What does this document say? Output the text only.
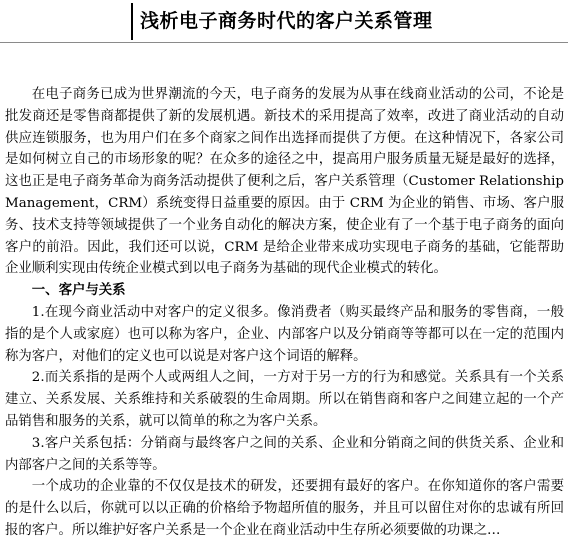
浅析电子商务时代的客户关系管理

在电子商务已成为世界潮流的今天，电子商务的发展为从事在线商业活动的公司，不论是批发商还是零售商都提供了新的发展机遇。新技术的采用提高了效率，改进了商业活动的自动供应连锁服务，也为用户们在多个商家之间作出选择而提供了方便。在这种情况下，各家公司是如何树立自己的市场形象的呢？在众多的途径之中，提高用户服务质量无疑是最好的选择，这也正是电子商务革命为商务活动提供了便利之后，客户关系管理（Customer Relationship Management，CRM）系统变得日益重要的原因。由于 CRM 为企业的销售、市场、客户服务、技术支持等领域提供了一个业务自动化的解决方案，使企业有了一个基于电子商务的面向客户的前沿。因此，我们还可以说，CRM 是给企业带来成功实现电子商务的基础，它能帮助企业顺利实现由传统企业模式到以电子商务为基础的现代企业模式的转化。

一、客户与关系

1.在现今商业活动中对客户的定义很多。像消费者（购买最终产品和服务的零售商，一般指的是个人或家庭）也可以称为客户，企业、内部客户以及分销商等等都可以在一定的范围内称为客户，对他们的定义也可以说是对客户这个词语的解释。

2.而关系指的是两个人或两组人之间，一方对于另一方的行为和感觉。关系具有一个关系建立、关系发展、关系维持和关系破裂的生命周期。所以在销售商和客户之间建立起的一个产品销售和服务的关系，就可以简单的称之为客户关系。

3.客户关系包括：分销商与最终客户之间的关系、企业和分销商之间的供货关系、企业和内部客户之间的关系等等。

一个成功的企业靠的不仅仅是技术的研发，还要拥有最好的客户。在你知道你的客户需要的是什么以后，你就可以以正确的价格给予物超所值的服务，并且可以留住对你的忠诚有所回报的客户。所以维护好客户关系是一个企业在商业活动中生存所必须要做的功课之…
